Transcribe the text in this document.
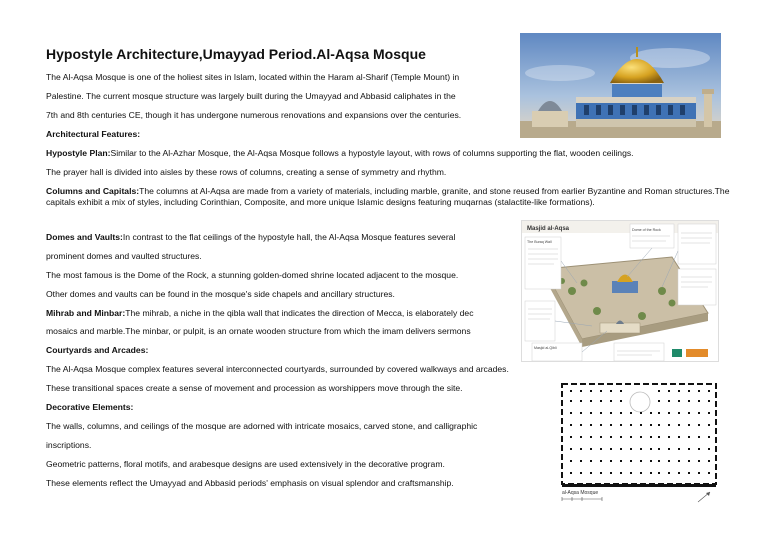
Hypostyle Architecture,Umayyad Period.Al-Aqsa Mosque
The Al-Aqsa Mosque is one of the holiest sites in Islam, located within the Haram al-Sharif (Temple Mount) in
Palestine. The current mosque structure was largely built during the Umayyad and Abbasid caliphates in the
7th and 8th centuries CE, though it has undergone numerous renovations and expansions over the centuries.
Architectural Features:
Hypostyle Plan:Similar to the Al-Azhar Mosque, the Al-Aqsa Mosque follows a hypostyle layout, with rows of columns supporting the flat, wooden ceilings.
The prayer hall is divided into aisles by these rows of columns, creating a sense of symmetry and rhythm.
Columns and Capitals:The columns at Al-Aqsa are made from a variety of materials, including marble, granite, and stone reused from earlier Byzantine and Roman structures.The capitals exhibit a mix of styles, including Corinthian, Composite, and more unique Islamic designs featuring muqarnas (stalactite-like formations).
Domes and Vaults:In contrast to the flat ceilings of the hypostyle hall, the Al-Aqsa Mosque features several
prominent domes and vaulted structures.
The most famous is the Dome of the Rock, a stunning golden-domed shrine located adjacent to the mosque.
Other domes and vaults can be found in the mosque's side chapels and ancillary structures.
Mihrab and Minbar:The mihrab, a niche in the qibla wall that indicates the direction of Mecca, is elaborately dec
mosaics and marble.The minbar, or pulpit, is an ornate wooden structure from which the imam delivers sermons
Courtyards and Arcades:
The Al-Aqsa Mosque complex features several interconnected courtyards, surrounded by covered walkways and arcades.
These transitional spaces create a sense of movement and procession as worshippers move through the site.
Decorative Elements:
The walls, columns, and ceilings of the mosque are adorned with intricate mosaics, carved stone, and calligraphic
inscriptions.
Geometric patterns, floral motifs, and arabesque designs are used extensively in the decorative program.
These elements reflect the Umayyad and Abbasid periods' emphasis on visual splendor and craftsmanship.
Masjid al-Aqsa	Dome of the Rock
The Buraq Wall
Masjid al-Qibli
al-Aqsa Mosque
